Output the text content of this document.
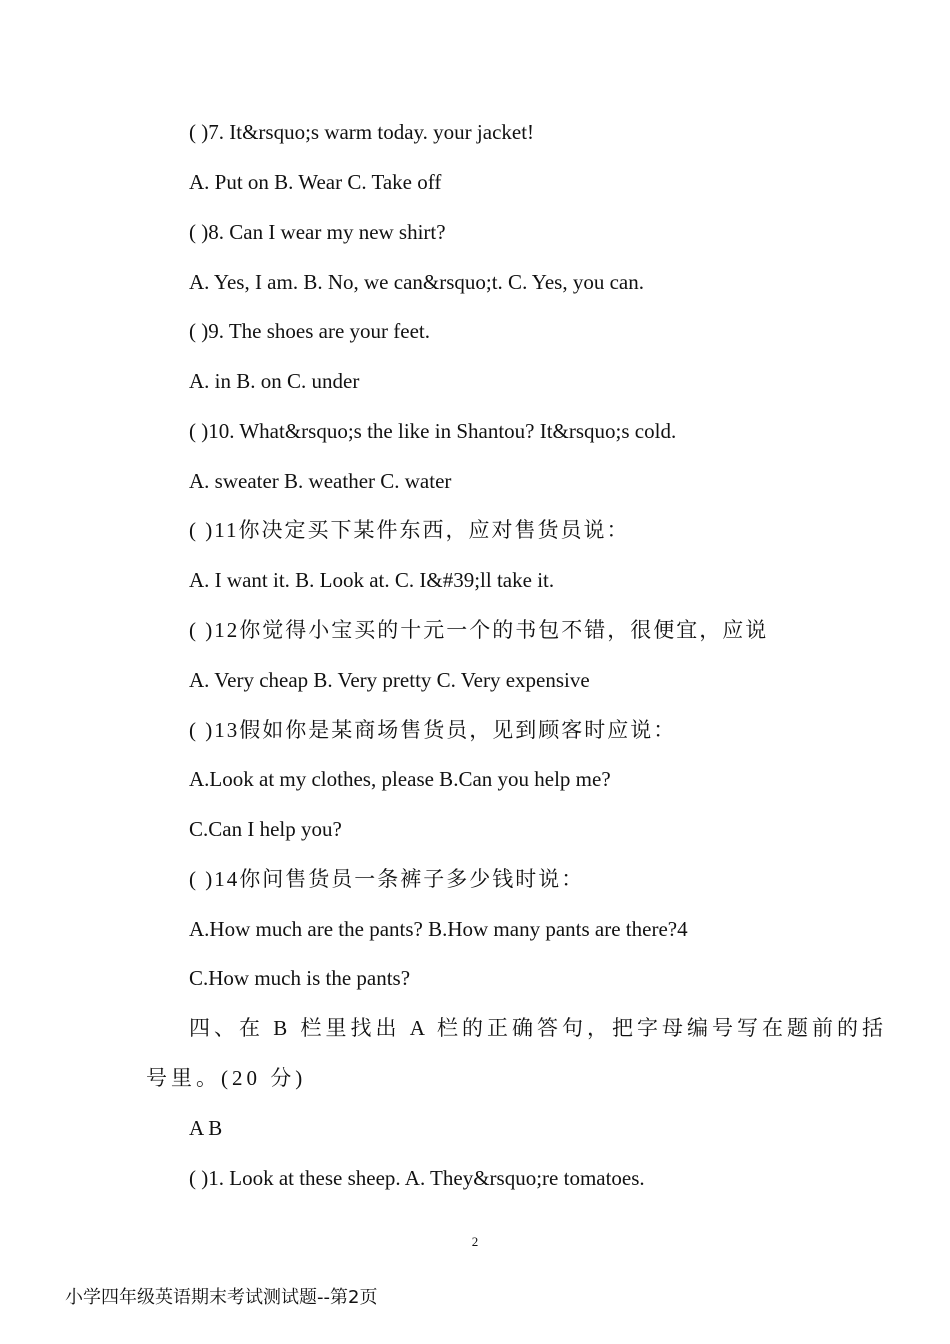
( )7. It&rsquo;s warm today. your jacket!
A. Put on B. Wear C. Take off
( )8. Can I wear my new shirt?
A. Yes, I am. B. No, we can&rsquo;t. C. Yes, you can.
( )9. The shoes are your feet.
A. in B. on C. under
( )10. What&rsquo;s the like in Shantou? It&rsquo;s cold.
A. sweater B. weather C. water
( )11你决定买下某件东西，应对售货员说：
A. I want it. B. Look at. C. I&#39;ll take it.
( )12你觉得小宝买的十元一个的书包不错，很便宜，应说
A. Very cheap B. Very pretty C. Very expensive
( )13假如你是某商场售货员，见到顾客时应说：
A.Look at my clothes, please B.Can you help me?
C.Can I help you?
( )14你问售货员一条裤子多少钱时说：
A.How much are the pants? B.How many pants are there?4
C.How much is the pants?
四、在 B 栏里找出 A 栏的正确答句，把字母编号写在题前的括
号里。(20 分)
A B
( )1. Look at these sheep. A. They&rsquo;re tomatoes.
2
小学四年级英语期末考试测试题--第2页
